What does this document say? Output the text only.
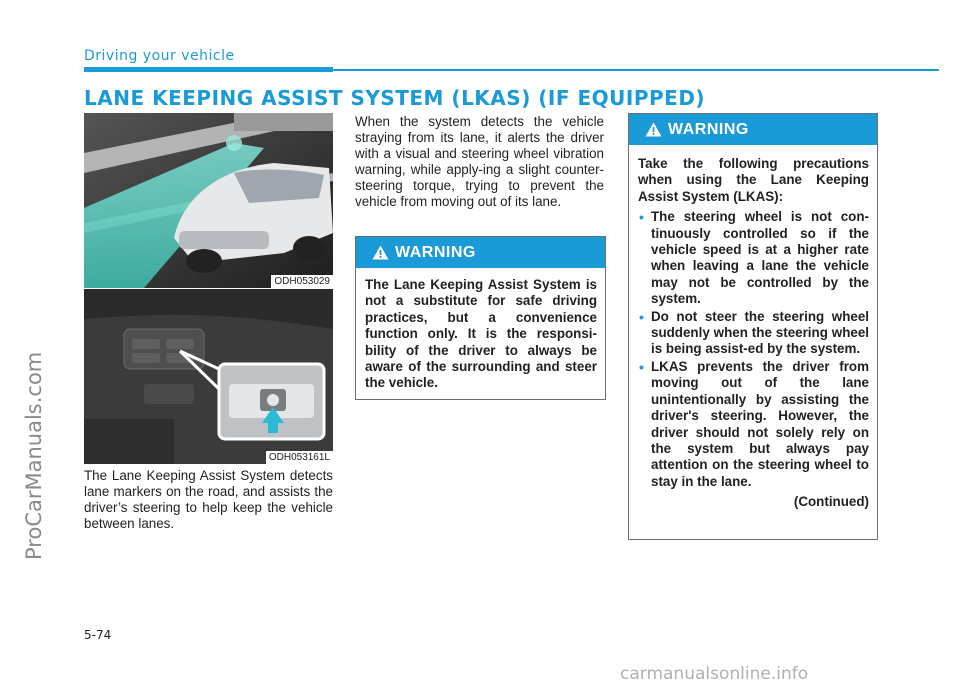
Driving your vehicle
LANE KEEPING ASSIST SYSTEM (LKAS) (IF EQUIPPED)
ProCarManuals.com
ODH053029
ODH053161L
The Lane Keeping Assist System detects lane markers on the road, and assists the driver’s steering to help keep the vehicle between lanes.
When the system detects the vehicle straying from its lane, it alerts the driver with a visual and steering wheel vibration warning, while apply-ing a slight counter-steering torque, trying to prevent the vehicle from moving out of its lane.
WARNING
The Lane Keeping Assist System is not a substitute for safe driving practices, but a convenience function only. It is the responsi-bility of the driver to always be aware of the surrounding and steer the vehicle.
WARNING
Take the following precautions when using the Lane Keeping Assist System (LKAS):
• The steering wheel is not con-tinuously controlled so if the vehicle speed is at a higher rate when leaving a lane the vehicle may not be controlled by the system.
• Do not steer the steering wheel suddenly when the steering wheel is being assist-ed by the system.
• LKAS prevents the driver from moving out of the lane unintentionally by assisting the driver's steering. However, the driver should not solely rely on the system but always pay attention on the steering wheel to stay in the lane.
(Continued)
5-74
carmanualsonline.info
